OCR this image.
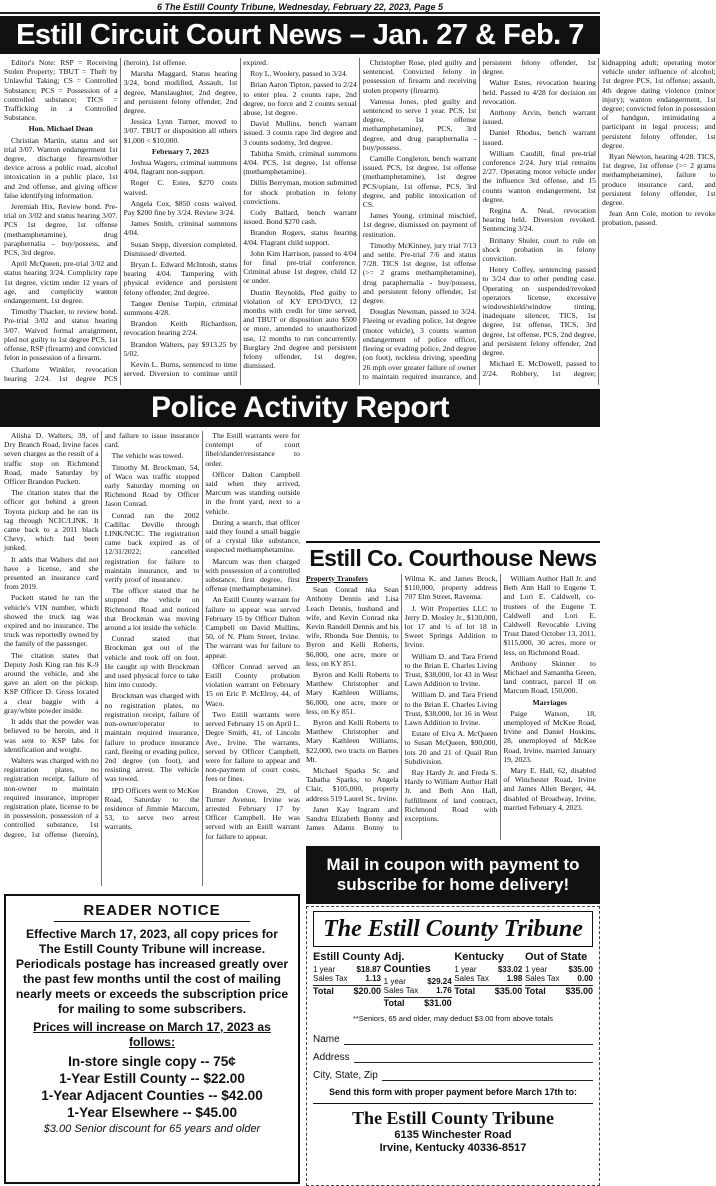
6 The Estill County Tribune, Wednesday, February 22, 2023, Page 5
Estill Circuit Court News – Jan. 27 & Feb. 7

Editor's Note: RSP = Receiving Stolen Property; TBUT = Theft by Unlawful Taking; CS = Controlled Substance; PCS = Possession of a controlled substance; TICS = Trafficking in a Controlled Substance.

Hon. Michael Dean

Christian Martin, status and set trial 3/07. Wanton endangerment 1st degree, discharge firearm/other device across a public road, alcohol intoxication in a public place, 1st and 2nd offense, and giving officer false identifying information.

Jeremiah Hix, Review bond. Pre-trial on 3/02 and status hearing 3/07. PCS 1st degree, 1st offense (methamphetamine), drug paraphernalia - buy/possess, and PCS, 3rd degree.

April McQueen, pre-trial 3/02 and status hearing 3/24. Complicity rape 1st degree, victim under 12 years of age, and complicity wanton endangerment, 1st degree.

Timothy Thacker, to review bond. Pre-trial 3/02 and status hearing 3/07. Waived formal arraignment, pled not guilty to 1st degree PCS, 1st offense, RSP (firearm) and convicted felon in possession of a firearm.

Charlotte Winkler, revocation hearing 2/24. 1st degree PCS (heroin), 1st offense.

Marsha Maggard, Status hearing 3/24, bond modified, Assault, 1st degree, Manslaughter, 2nd degree, and persistent felony offender, 2nd degree.

Jessica Lynn Turner, moved to 3/07. TBUT or disposition all others $1,000 < $10,000.

February 7, 2023

Joshua Wagers, criminal summons 4/04, flagrant non-support.

Roger C. Estes, $270 costs waived.

Angela Cox, $850 costs waived. Pay $200 fine by 3/24. Review 3/24.

James Smith, criminal summons 4/04.

Susan Stepp, diversion completed. Dismissed/ diverted.

Bryan L. Edward McIntosh, status hearing 4/04. Tampering with physical evidence and persistent felony offender, 2nd degree.

Tangee Denise Turpin, criminal summons 4/28.

Brandon Keith Richardson, revocation hearing 2/24.

Brandon Walters, pay $913.25 by 5/02.

Kevin L. Burns, sentenced to time served. Diversion to continue until expired.

Roy L. Woolery, passed to 3/24.

Brian Aaron Tipton, passed to 2/24 to enter plea. 2 counts rape, 2nd degree, no force and 2 counts sexual abuse, 1st degree.

David Mullins, bench warrant issued. 3 counts rape 3rd degree and 3 counts sodomy, 3rd degree.

Tabitha Smith, criminal summons 4/04. PCS, 1st degree, 1st offense (methamphetamine).

Dillis Berryman, motion submitted for shock probation in felony convictions.

Cody Ballard, bench warrant issued. Bond $270 cash.

Brandon Rogers, status hearing 4/04. Flagrant child support.

John Kim Harrison, passed to 4/04 for final pre-trial conference. Criminal abuse 1st degree, child 12 or under.

Dustin Reynolds, Pled guilty to violation of KY EPO/DVO, 12 months with credit for time served, and TBUT or disposition auto $500 or more, amended to unauthorized use, 12 months to run concurrently. Burglary 2nd degree and persistent felony offender, 1st degree, dismissed.

Christopher Rose, pled guilty and sentenced. Convicted felony in possession of firearm and receiving stolen property (firearm).

Vanessa Jones, pled guilty and sentenced to serve 1 year. PCS, 1st degree, 1st offense methamphetamine), PCS, 3rd degree, and drug paraphernalia - buy/possess.

Camille Congleton, bench warrant issued. PCS, 1st degree, 1st offense (methamphetamine), 1st degree PCS/opiate, 1st offense, PCS, 3rd degree, and public intoxication of CS.

James Young, criminal mischief, 1st degree, dismissed on payment of restitution.

Timothy McKinney, jury trial 7/13 and settle. Pre-trial 7/6 and status 7/28. TICS 1st degree, 1st offense (>= 2 grams methamphetamine), drug paraphernalia - buy/possess, and persistent felony offender, 1st degree.

Douglas Newman, passed to 3/24. Fleeing or evading police, 1st degree (motor vehicle), 3 counts wanton endangerment of police officer, fleeing or evading police, 2nd degree (on foot), reckless driving, speeding 26 mph over greater failure of owner to maintain required insurance, and persistent felony offender, 1st degree.

Walter Estes, revocation hearing held. Passed to 4/28 for decision on revocation.

Anthony Arvin, bench warrant issued.

Daniel Rhodus, bench warrant issued.

William Caudill, final pre-trial conference 2/24. Jury trial remains 2/27. Operating motor vehicle under the influence 3rd offense, and 15 counts wanton endangerment, 1st degree.

Regina A. Neal, revocation hearing held. Diversion revoked. Sentencing 3/24.

Brittany Shuler, court to rule on shock probation in felony conviction.

Henry Coffey, sentencing passed to 3/24 due to other pending case. Operating on suspended/revoked operators license, excessive windowshield/window tinting, inadequate silencer, TICS, 1st degree, 1st offense, TICS, 3rd degree, 1st offense, PCS, 2nd degree, and persistent felony offender, 2nd degree.

Michael E. McDowell, passed to 2/24. Robbery, 1st degree; kidnapping adult; operating motor vehicle under influence of alcohol; 1st degree PCS, 1st offense; assault, 4th degree dating violence (minor injury); wanton endangerment, 1st degree; convicted felon in possession of handgun, intimidating a participant in legal process; and persistent felony offender, 1st degree.

Ryan Newton, hearing 4/28. TICS, 1st degree, 1st offense (>= 2 grams methamphetamine), failure to produce insurance card, and persistent felony offender, 1st degree.

Jean Ann Cole, motion to revoke probation, passed.

Police Activity Report

Alisha D. Walters, 39, of Dry Branch Road, Irvine faces seven charges as the result of a traffic stop on Richmond Road, made Saturday by Officer Brandon Puckett.

The citation states that the officer got behind a green Toyota pickup and he ran its tag through NCIC/LINK. It came back to a 2011 black Chevy, which had been junked.

It adds that Walters did not have a license, and she presented an insurance card from 2019.

Puckett stated he ran the vehicle's VIN number, which showed the truck tag was expired and no insurance. The truck was reportedly owned by the family of the passenger.

The citation states that Deputy Josh King ran his K-9 around the vehicle, and she gave an alert on the pickup. KSP Officer D. Gross located a clear baggie with a gray/white powder inside.

It adds that the powder was believed to be heroin, and it was sent to KSP labs for identification and weight.

Walters was charged with no registration plates, no registration receipt, failure of non-owner to maintain required insurance, improper registration plate, license to be in possession, possession of a controlled substance, 1st degree, 1st offense (heroin), and failure to issue insurance card.

The vehicle was towed.

Timothy M. Brockman, 54, of Waco was traffic stopped early Saturday morning on Richmond Road by Officer Jason Conrad.

Conrad ran the 2002 Cadillac Deville through LINK/NCIC. The registration came back expired as of 12/31/2022; cancelled registration for failure to maintain insurance, and to verify proof of insurance.

The officer stated that he stopped the vehicle on Richmond Road and noticed that Brockman was moving around a lot inside the vehicle.

Conrad stated that Brockman got out of the vehicle and took off on foot. He caught up with Brockman and used physical force to take him into custody.

Brockman was charged with no registration plates, no registration receipt, failure of non-owner/operator to maintain required insurance, failure to produce insurance card, fleeing or evading police, 2nd degree (on foot), and resisting arrest. The vehicle was towed.

IPD Officers went to McKee Road, Saturday to the residence of Jimmie Marcum, 53, to serve two arrest warrants.

The Estill warrants were for contempt of court libel/slander/resistance to order.

Officer Dalton Campbell said when they arrived, Marcum was standing outside in the front yard, next to a vehicle.

During a search, that officer said they found a small baggie of a crystal like substance, suspected methamphetamine.

Marcum was then charged with possession of a controlled substance, first degree, first offense (methamphetamine).

An Estill County warrant for failure to appear was served February 15 by Officer Dalton Campbell on David Mullins, 50, of N. Plum Street, Irvine. The warrant was for failure to appear.

Officer Conrad served an Estill County probation violation warrant on February 15 on Eric P. McElroy, 44, of Waco.

Two Estill warrants were served February 15 on April L. Degre Smith, 41, of Lincoln Ave., Irvine. The warrants, served by Officer Campbell, were for failure to appear and non-payment of court costs, fees or fines.

Brandon Crowe, 29, of Turner Avenue, Irvine was arrested February 17 by Officer Campbell. He was served with an Estill warrant for failure to appear.

Estill Co. Courthouse News

Property Transfers

Sean Conrad nka Sean Anthony Dennis and Lisa Leach Dennis, husband and wife, and Kevin Conrad nka Kevin Randell Dennis and his wife, Rhonda Sue Dennis, to Byron and Kelli Roberts, $6,000, one acre, more or less, on KY 851.

Byron and Kelli Roberts to Matthew Christopher and Mary Kathleen Williams, $6,000, one acre, more or less, on Ky 851.

Byron and Kelli Roberts to Matthew Christopher and Mary Kathleen Williams, $22,000, two tracts on Barnes Mt.

Michael Sparks Sr. and Tabatha Sparks, to Angela Clair, $105,000, property address 519 Laurel St., Irvine.

Janet Kay Ingram and Sandra Elizabeth Bonny and James Adams Bonny to Wilma K. and James Brock, $110,000, property address 707 Elm Street, Ravenna.

J. Witt Properties LLC to Jerry D. Mosley Jr., $130,000, lot 17 and ½ of lot 18 in Sweet Springs Addition to Irvine.

William D. and Tara Friend to the Brian E. Charles Living Trust, $38,000, lot 43 in West Lawn Addition to Irvine.

William D. and Tara Friend to the Brian E. Charles Living Trust, $38,000, lot 16 in West Lawn Addition to Irvine.

Estate of Elva A. McQueen to Susan McQueen, $90,000, lots 20 and 21 of Quail Run Subdivision.

Ray Hardy Jr. and Freda S. Hardy to William Author Hall Jr. and Beth Ann Hall, fulfillment of land contract, Richmond Road with exceptions.

William Author Hall Jr. and Beth Ann Hall to Eugene T. and Lori E. Caldwell, co-trustees of the Eugene T. Caldwell and Lori E. Caldwell Revocable Living Trust Dated October 13, 2011, $115,000, 30 acres, more or less, on Richmond Road.

Anthony Skinner to Michael and Samantha Green, land contract, parcel II on Marcum Road, 150,000.

Marriages

Paige Watson, 18, unemployed of McKee Road, Irvine and Daniel Hoskins, 28, unemployed of McKee Road, Irvine, married January 19, 2023.

Mary E. Hall, 62, disabled of Winchester Road, Irvine and James Allen Berger, 44, disabled of Broadway, Irvine, married February 4, 2023.

READER NOTICE
Effective March 17, 2023, all copy prices for The Estill County Tribune will increase. Periodicals postage has increased greatly over the past few months until the cost of mailing nearly meets or exceeds the subscription price for mailing to some subscribers.
Prices will increase on March 17, 2023 as follows:
In-store single copy -- 75¢
1-Year Estill County -- $22.00
1-Year Adjacent Counties -- $42.00
1-Year Elsewhere -- $45.00
$3.00 Senior discount for 65 years and older
Mail in coupon with payment to subscribe for home delivery!
The Estill County Tribune
Estill County
1 year	$18.87
Sales Tax 1.13
Total $20.00
Adj. Counties
1 year	$29.24
Sales Tax 1.76
Total $31.00
Kentucky
1 year	$33.02
Sales Tax 1.98
Total $35.00
Out of State
1 year	$35.00
Sales Tax 0.00
Total $35.00
**Seniors, 65 and older, may deduct $3.00 from above totals
Name
Address
City, State, Zip
Send this form with proper payment before March 17th to:
The Estill County Tribune
6135 Winchester Road
Irvine, Kentucky 40336-8517
